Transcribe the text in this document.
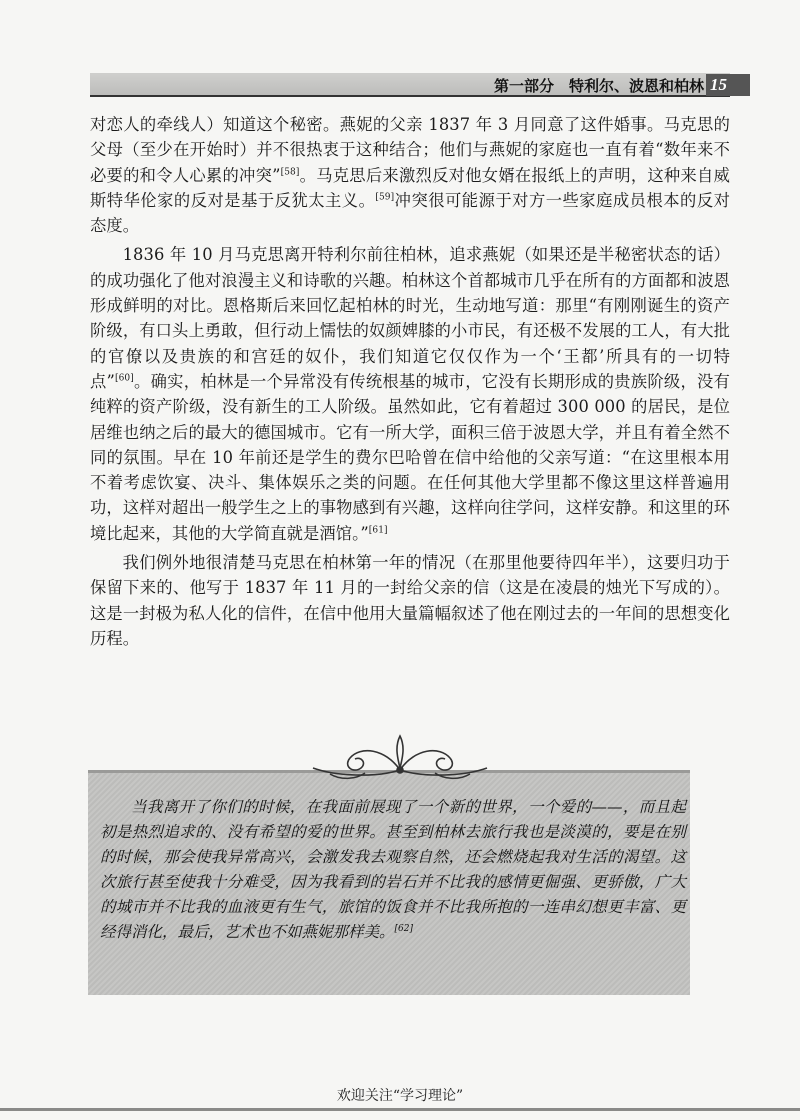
第一部分　特利尔、波恩和柏林 15

对恋人的牵线人）知道这个秘密。燕妮的父亲 1837 年 3 月同意了这件婚事。马克思的父母（至少在开始时）并不很热衷于这种结合；他们与燕妮的家庭也一直有着“数年来不必要的和令人心累的冲突”[58]。马克思后来激烈反对他女婿在报纸上的声明，这种来自威斯特华伦家的反对是基于反犹太主义。[59]冲突很可能源于对方一些家庭成员根本的反对态度。

1836 年 10 月马克思离开特利尔前往柏林，追求燕妮（如果还是半秘密状态的话）的成功强化了他对浪漫主义和诗歌的兴趣。柏林这个首都城市几乎在所有的方面都和波恩形成鲜明的对比。恩格斯后来回忆起柏林的时光，生动地写道：那里“有刚刚诞生的资产阶级，有口头上勇敢，但行动上懦怯的奴颜婢膝的小市民，有还极不发展的工人，有大批的官僚以及贵族的和宫廷的奴仆，我们知道它仅仅作为一个‘王都’所具有的一切特点”[60]。确实，柏林是一个异常没有传统根基的城市，它没有长期形成的贵族阶级，没有纯粹的资产阶级，没有新生的工人阶级。虽然如此，它有着超过 300 000 的居民，是位居维也纳之后的最大的德国城市。它有一所大学，面积三倍于波恩大学，并且有着全然不同的氛围。早在 10 年前还是学生的费尔巴哈曾在信中给他的父亲写道：“在这里根本用不着考虑饮宴、决斗、集体娱乐之类的问题。在任何其他大学里都不像这里这样普遍用功，这样对超出一般学生之上的事物感到有兴趣，这样向往学问，这样安静。和这里的环境比起来，其他的大学简直就是酒馆。”[61]

我们例外地很清楚马克思在柏林第一年的情况（在那里他要待四年半），这要归功于保留下来的、他写于 1837 年 11 月的一封给父亲的信（这是在凌晨的烛光下写成的）。这是一封极为私人化的信件，在信中他用大量篇幅叙述了他在刚过去的一年间的思想变化历程。

当我离开了你们的时候，在我面前展现了一个新的世界，一个爱的——，而且起初是热烈追求的、没有希望的爱的世界。甚至到柏林去旅行我也是淡漠的，要是在别的时候，那会使我异常高兴，会激发我去观察自然，还会燃烧起我对生活的渴望。这次旅行甚至使我十分难受，因为我看到的岩石并不比我的感情更倔强、更骄傲，广大的城市并不比我的血液更有生气，旅馆的饭食并不比我所抱的一连串幻想更丰富、更经得消化，最后，艺术也不如燕妮那样美。[62]

欢迎关注“学习理论”
